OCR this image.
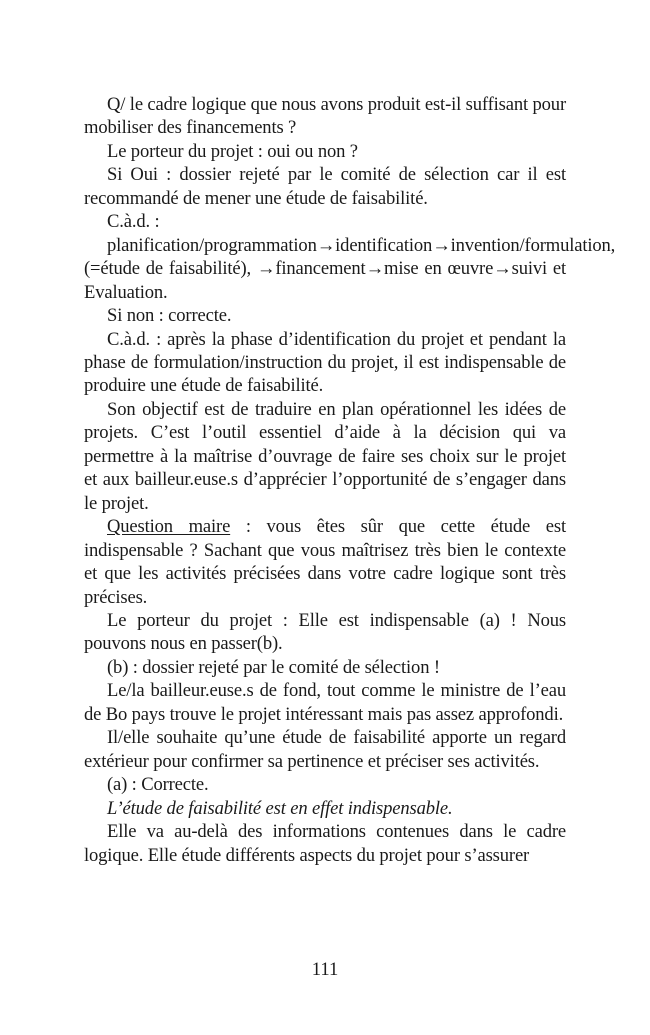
Q/ le cadre logique que nous avons produit est-il suffisant pour mobiliser des financements ?

Le porteur du projet : oui ou non ?

Si Oui : dossier rejeté par le comité de sélection car il est recommandé de mener une étude de faisabilité.

C.à.d. :

planification/programmation→identification→invention/formulation, (=étude de faisabilité), →financement→mise en œuvre→suivi et Evaluation.

Si non : correcte.

C.à.d. : après la phase d’identification du projet et pendant la phase de formulation/instruction du projet, il est indispensable de produire une étude de faisabilité.

Son objectif est de traduire en plan opérationnel les idées de projets. C’est l’outil essentiel d’aide à la décision qui va permettre à la maîtrise d’ouvrage de faire ses choix sur le projet et aux bailleur.euse.s d’apprécier l’opportunité de s’engager dans le projet.

Question maire : vous êtes sûr que cette étude est indispensable ? Sachant que vous maîtrisez très bien le contexte et que les activités précisées dans votre cadre logique sont très précises.

Le porteur du projet : Elle est indispensable (a) ! Nous pouvons nous en passer(b).

(b) : dossier rejeté par le comité de sélection !

Le/la bailleur.euse.s de fond, tout comme le ministre de l’eau de Bo pays trouve le projet intéressant mais pas assez approfondi.

Il/elle souhaite qu’une étude de faisabilité apporte un regard extérieur pour confirmer sa pertinence et préciser ses activités.

(a) : Correcte.

L’étude de faisabilité est en effet indispensable.

Elle va au-delà des informations contenues dans le cadre logique. Elle étude différents aspects du projet pour s’assurer

111
